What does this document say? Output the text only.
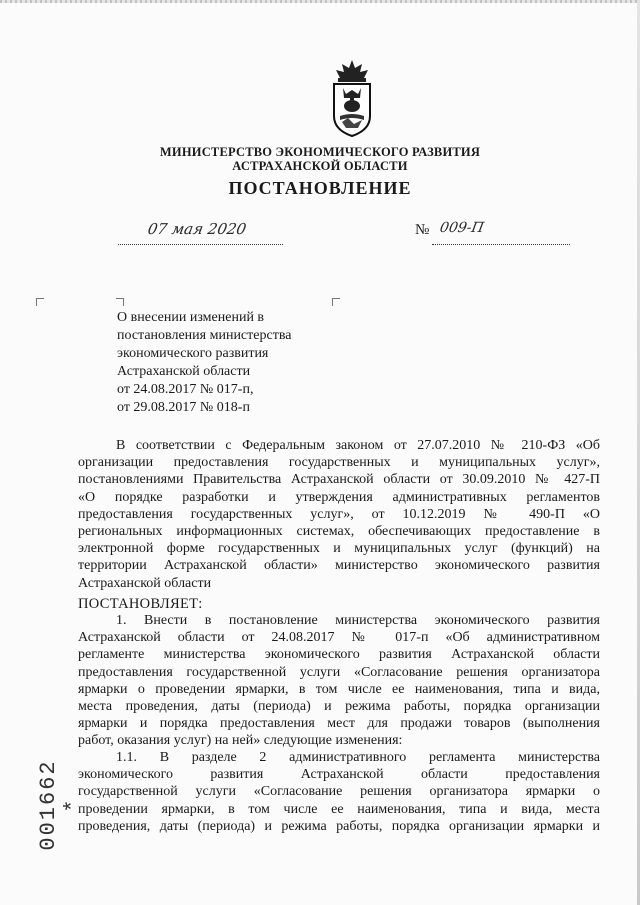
МИНИСТЕРСТВО ЭКОНОМИЧЕСКОГО РАЗВИТИЯ
АСТРАХАНСКОЙ ОБЛАСТИ
ПОСТАНОВЛЕНИЕ
07 мая 2020	№ 009-П
О внесении изменений в
постановления министерства
экономического развития
Астраханской области
от 24.08.2017 № 017-п,
от 29.08.2017 № 018-п
В соответствии с Федеральным законом от 27.07.2010 № 210-ФЗ «Об
организации предоставления государственных и муниципальных услуг»,
постановлениями Правительства Астраханской области от 30.09.2010 № 427-П
«О порядке разработки и утверждения административных регламентов
предоставления государственных услуг», от 10.12.2019 № 490-П «О
региональных информационных системах, обеспечивающих предоставление в
электронной форме государственных и муниципальных услуг (функций) на
территории Астраханской области» министерство экономического развития
Астраханской области
ПОСТАНОВЛЯЕТ:
1. Внести в постановление министерства экономического развития
Астраханской области от 24.08.2017 № 017-п «Об административном
регламенте министерства экономического развития Астраханской области
предоставления государственной услуги «Согласование решения организатора
ярмарки о проведении ярмарки, в том числе ее наименования, типа и вида,
места проведения, даты (периода) и режима работы, порядка организации
ярмарки и порядка предоставления мест для продажи товаров (выполнения
работ, оказания услуг) на ней» следующие изменения:
1.1. В разделе 2 административного регламента министерства
экономического развития Астраханской области предоставления
государственной услуги «Согласование решения организатора ярмарки о
проведении ярмарки, в том числе ее наименования, типа и вида, места
проведения, даты (периода) и режима работы, порядка организации ярмарки и
001662 *
